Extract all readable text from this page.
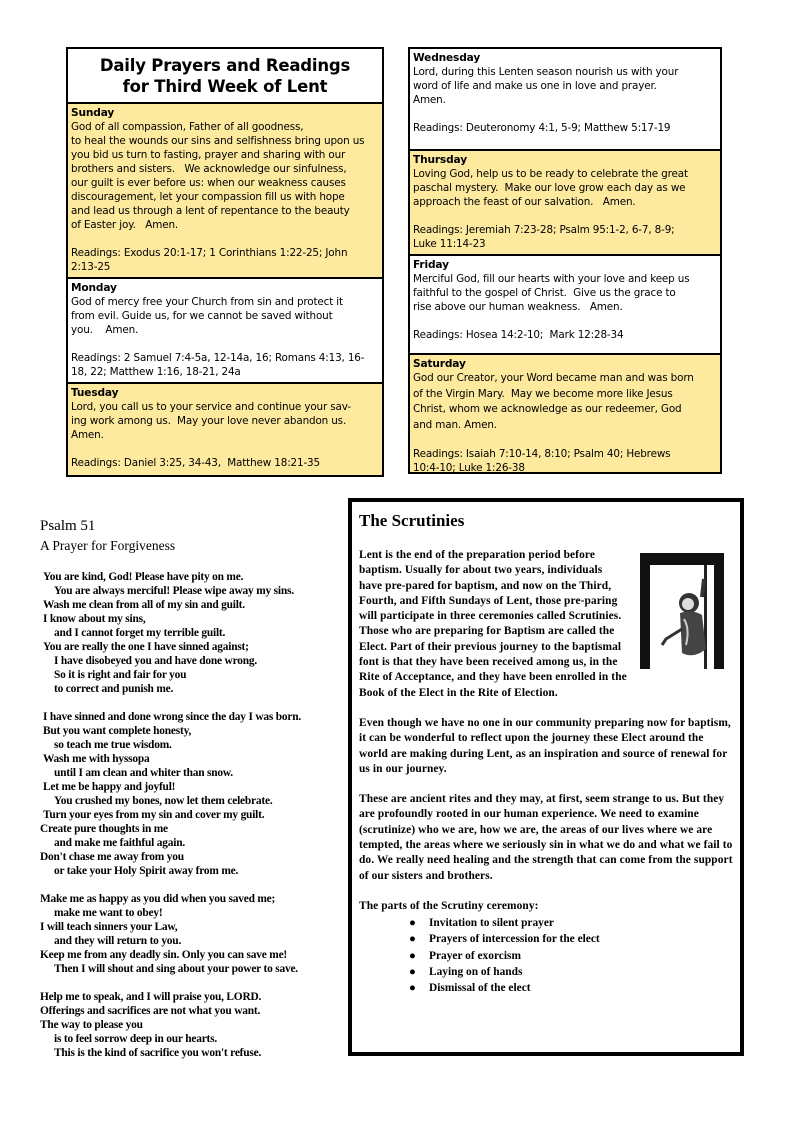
Daily Prayers and Readings
for Third Week of Lent
Sunday
God of all compassion, Father of all goodness,
to heal the wounds our sins and selfishness bring upon us
you bid us turn to fasting, prayer and sharing with our
brothers and sisters.   We acknowledge our sinfulness,
our guilt is ever before us: when our weakness causes
discouragement, let your compassion fill us with hope
and lead us through a lent of repentance to the beauty
of Easter joy.   Amen.
Readings: Exodus 20:1-17; 1 Corinthians 1:22-25; John
2:13-25
Monday
God of mercy free your Church from sin and protect it
from evil. Guide us, for we cannot be saved without
you.    Amen.
Readings: 2 Samuel 7:4-5a, 12-14a, 16; Romans 4:13, 16-
18, 22; Matthew 1:16, 18-21, 24a
Tuesday
Lord, you call us to your service and continue your sav-
ing work among us.  May your love never abandon us.
Amen.
Readings: Daniel 3:25, 34-43,  Matthew 18:21-35
Wednesday
Lord, during this Lenten season nourish us with your
word of life and make us one in love and prayer.
Amen.
Readings: Deuteronomy 4:1, 5-9; Matthew 5:17-19
Thursday
Loving God, help us to be ready to celebrate the great
paschal mystery.  Make our love grow each day as we
approach the feast of our salvation.   Amen.
Readings: Jeremiah 7:23-28; Psalm 95:1-2, 6-7, 8-9;
Luke 11:14-23
Friday
Merciful God, fill our hearts with your love and keep us
faithful to the gospel of Christ.  Give us the grace to
rise above our human weakness.   Amen.
Readings: Hosea 14:2-10;  Mark 12:28-34
Saturday
God our Creator, your Word became man and was born
of the Virgin Mary.  May we become more like Jesus
Christ, whom we acknowledge as our redeemer, God
and man. Amen.
Readings: Isaiah 7:10-14, 8:10; Psalm 40; Hebrews
10:4-10; Luke 1:26-38
Psalm 51
A Prayer for Forgiveness
You are kind, God! Please have pity on me.
You are always merciful! Please wipe away my sins.
Wash me clean from all of my sin and guilt.
I know about my sins,
and I cannot forget my terrible guilt.
You are really the one I have sinned against;
I have disobeyed you and have done wrong.
So it is right and fair for you
to correct and punish me.
I have sinned and done wrong since the day I was born.
But you want complete honesty,
so teach me true wisdom.
Wash me with hyssopa
until I am clean and whiter than snow.
Let me be happy and joyful!
You crushed my bones, now let them celebrate.
Turn your eyes from my sin and cover my guilt.
Create pure thoughts in me
and make me faithful again.
Don't chase me away from you
or take your Holy Spirit away from me.
Make me as happy as you did when you saved me;
make me want to obey!
I will teach sinners your Law,
and they will return to you.
Keep me from any deadly sin. Only you can save me!
Then I will shout and sing about your power to save.
Help me to speak, and I will praise you, LORD.
Offerings and sacrifices are not what you want.
The way to please you
is to feel sorrow deep in our hearts.
This is the kind of sacrifice you won't refuse.
The Scrutinies

Lent is the end of the preparation period before baptism. Usually for about two years, individuals have pre-pared for baptism, and now on the Third, Fourth, and Fifth Sundays of Lent, those pre-paring will participate in three ceremonies called Scrutinies. Those who are preparing for Baptism are called the Elect. Part of their previous journey to the baptismal font is that they have been received among us, in the Rite of Acceptance, and they have been enrolled in the Book of the Elect in the Rite of Election.

Even though we have no one in our community preparing now for baptism, it can be wonderful to reflect upon the journey these Elect around the world are making during Lent, as an inspiration and source of renewal for us in our journey.

These are ancient rites and they may, at first, seem strange to us. But they are profoundly rooted in our human experience. We need to examine (scrutinize) who we are, how we are, the areas of our lives where we are tempted, the areas where we seriously sin in what we do and what we fail to do. We really need healing and the strength that can come from the support of our sisters and brothers.

The parts of the Scrutiny ceremony:

● Invitation to silent prayer
● Prayers of intercession for the elect
● Prayer of exorcism
● Laying on of hands
● Dismissal of the elect
